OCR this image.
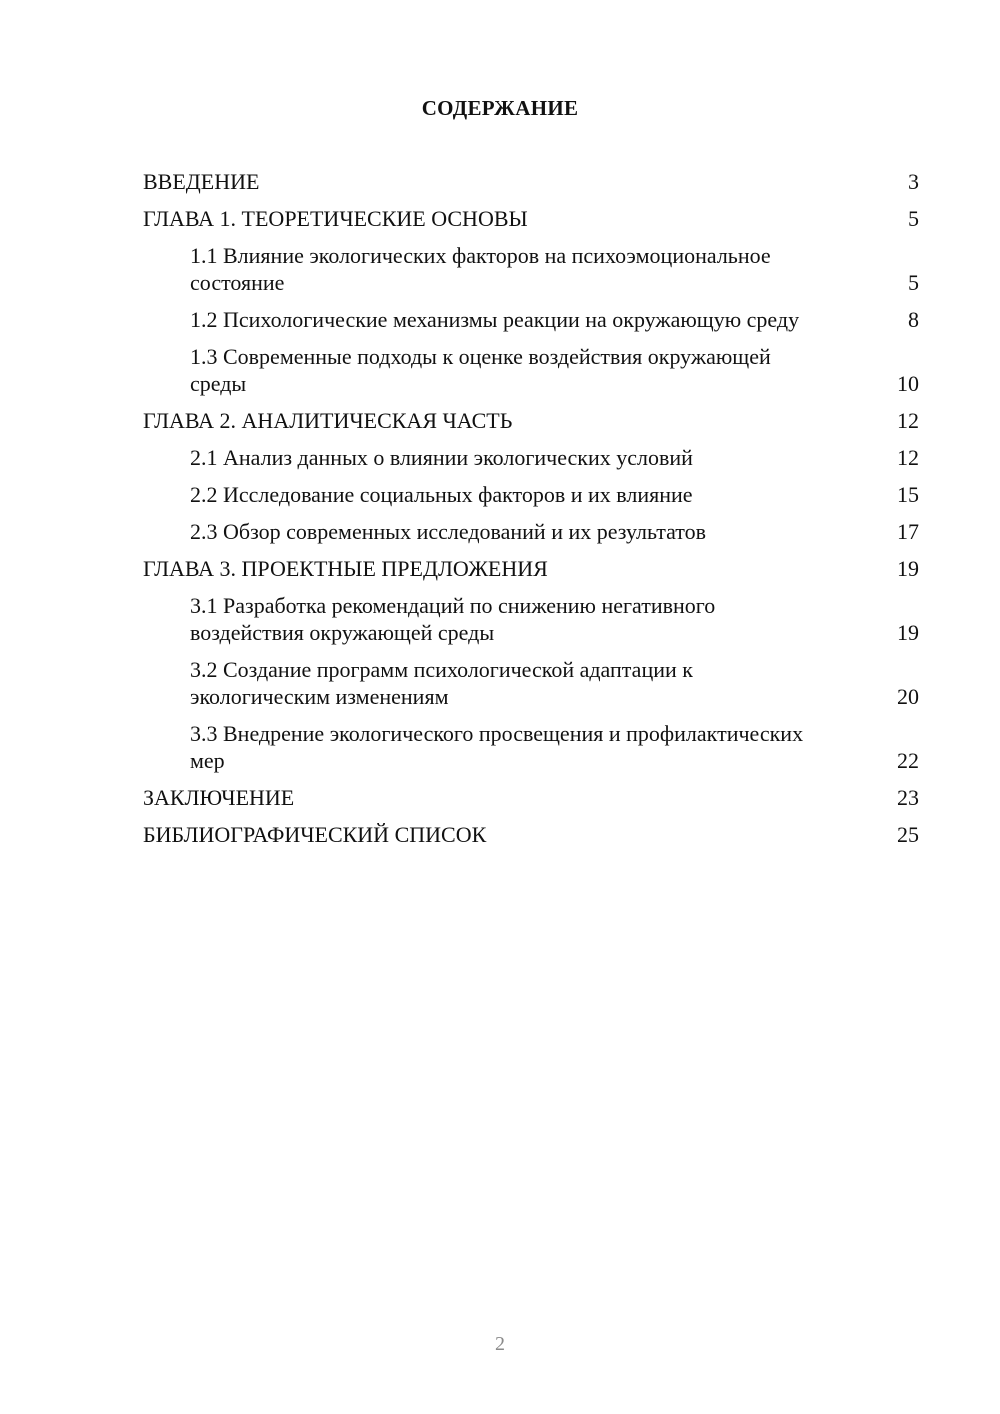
СОДЕРЖАНИЕ
ВВЕДЕНИЕ	3
ГЛАВА 1. ТЕОРЕТИЧЕСКИЕ ОСНОВЫ	5
1.1 Влияние экологических факторов на психоэмоциональное состояние	5
1.2 Психологические механизмы реакции на окружающую среду	8
1.3 Современные подходы к оценке воздействия окружающей среды	10
ГЛАВА 2. АНАЛИТИЧЕСКАЯ ЧАСТЬ	12
2.1 Анализ данных о влиянии экологических условий	12
2.2 Исследование социальных факторов и их влияние	15
2.3 Обзор современных исследований и их результатов	17
ГЛАВА 3. ПРОЕКТНЫЕ ПРЕДЛОЖЕНИЯ	19
3.1 Разработка рекомендаций по снижению негативного воздействия окружающей среды	19
3.2 Создание программ психологической адаптации к экологическим изменениям	20
3.3 Внедрение экологического просвещения и профилактических мер	22
ЗАКЛЮЧЕНИЕ	23
БИБЛИОГРАФИЧЕСКИЙ СПИСОК	25
2
